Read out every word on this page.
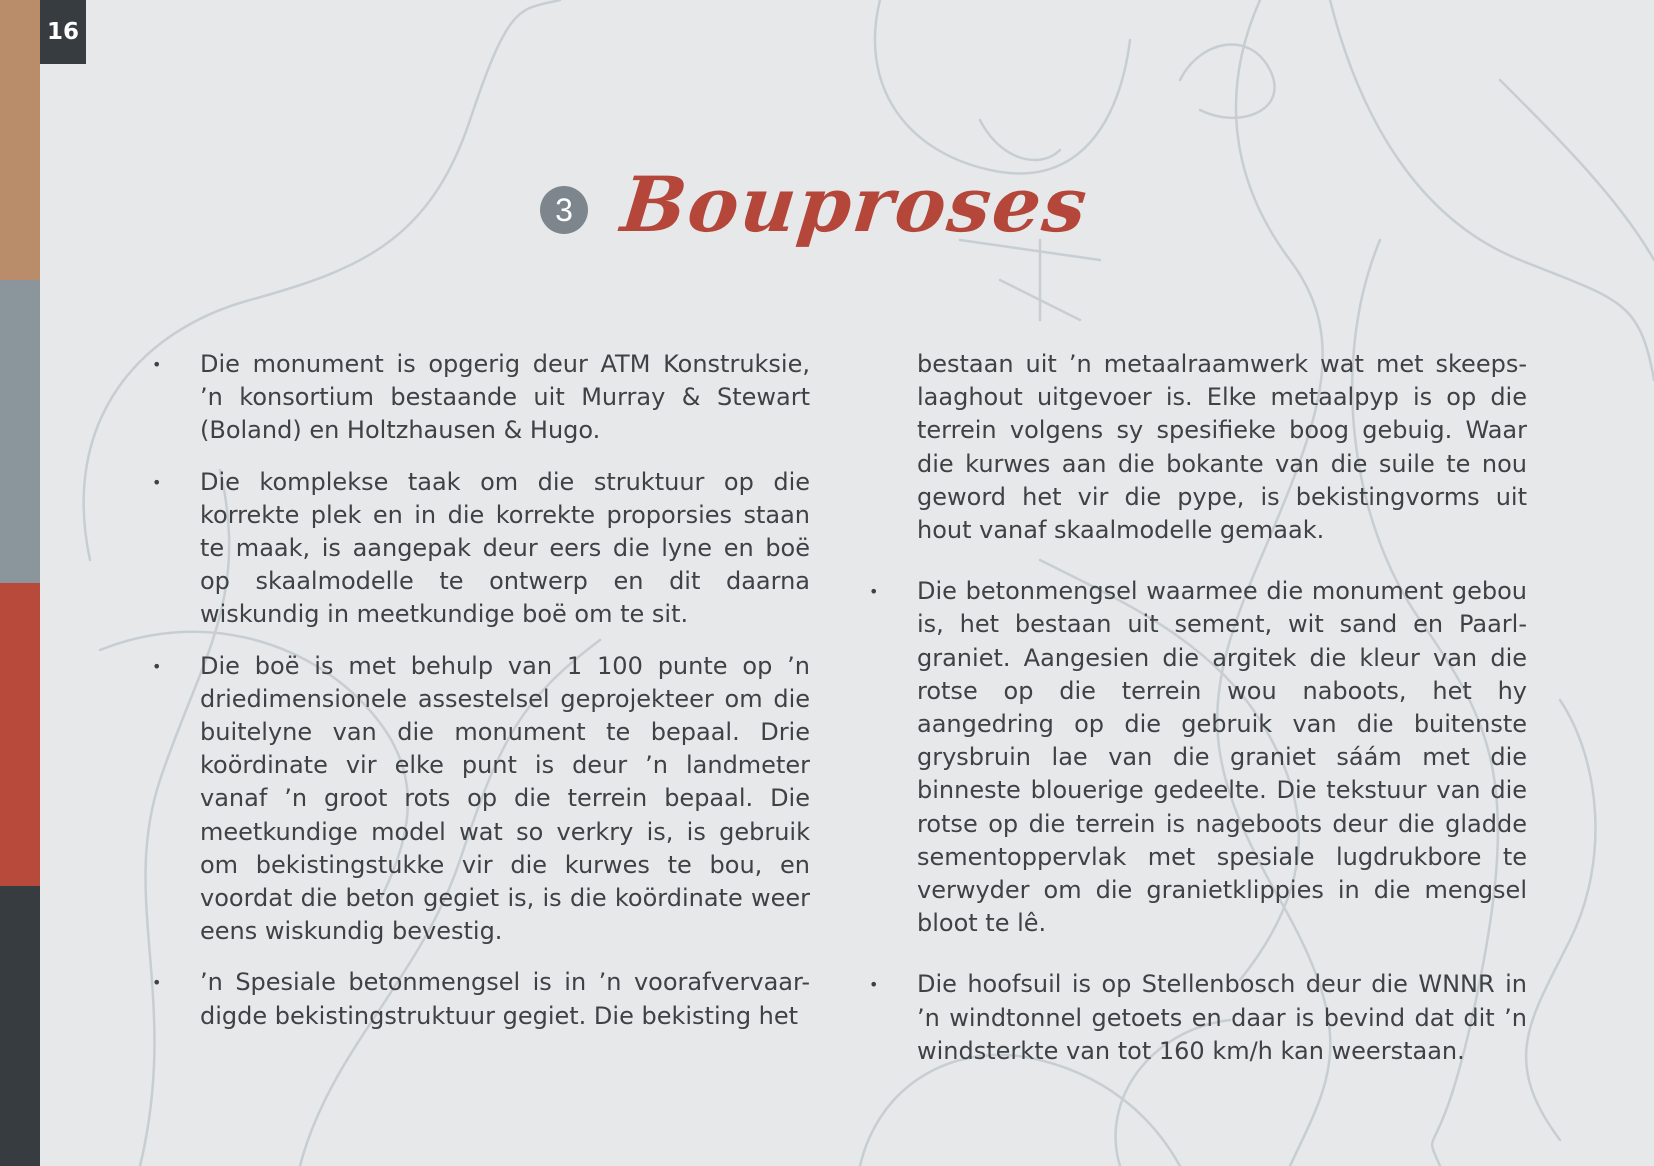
16
3 Bouproses

• Die monument is opgerig deur ATM Konstruksie, ’n konsortium bestaande uit Murray & Stewart (Boland) en Holtzhausen & Hugo.

• Die komplekse taak om die struktuur op die korrekte plek en in die korrekte proporsies staan te maak, is aangepak deur eers die lyne en boë op skaalmodelle te ontwerp en dit daarna wiskundig in meetkundige boë om te sit.

• Die boë is met behulp van 1 100 punte op ’n driedimensionele assestelsel geprojekteer om die buitelyne van die monument te bepaal. Drie koördinate vir elke punt is deur ’n landmeter vanaf ’n groot rots op die terrein bepaal. Die meetkundige model wat so verkry is, is gebruik om bekistingstukke vir die kurwes te bou, en voordat die beton gegiet is, is die koördinate weer eens wiskundig bevestig.

• ’n Spesiale betonmengsel is in ’n voorafvervaar-digde bekistingstruktuur gegiet. Die bekisting het

bestaan uit ’n metaalraamwerk wat met skeeps-laaghout uitgevoer is. Elke metaalpyp is op die terrein volgens sy spesifieke boog gebuig. Waar die kurwes aan die bokante van die suile te nou geword het vir die pype, is bekistingvorms uit hout vanaf skaalmodelle gemaak.

• Die betonmengsel waarmee die monument gebou is, het bestaan uit sement, wit sand en Paarl-graniet. Aangesien die argitek die kleur van die rotse op die terrein wou naboots, het hy aangedring op die gebruik van die buitenste grysbruin lae van die graniet sáám met die binneste blouerige gedeelte. Die tekstuur van die rotse op die terrein is nageboots deur die gladde sementoppervlak met spesiale lugdrukbore te verwyder om die granietklippies in die mengsel bloot te lê.

• Die hoofsuil is op Stellenbosch deur die WNNR in ’n windtonnel getoets en daar is bevind dat dit ’n windsterkte van tot 160 km/h kan weerstaan.
